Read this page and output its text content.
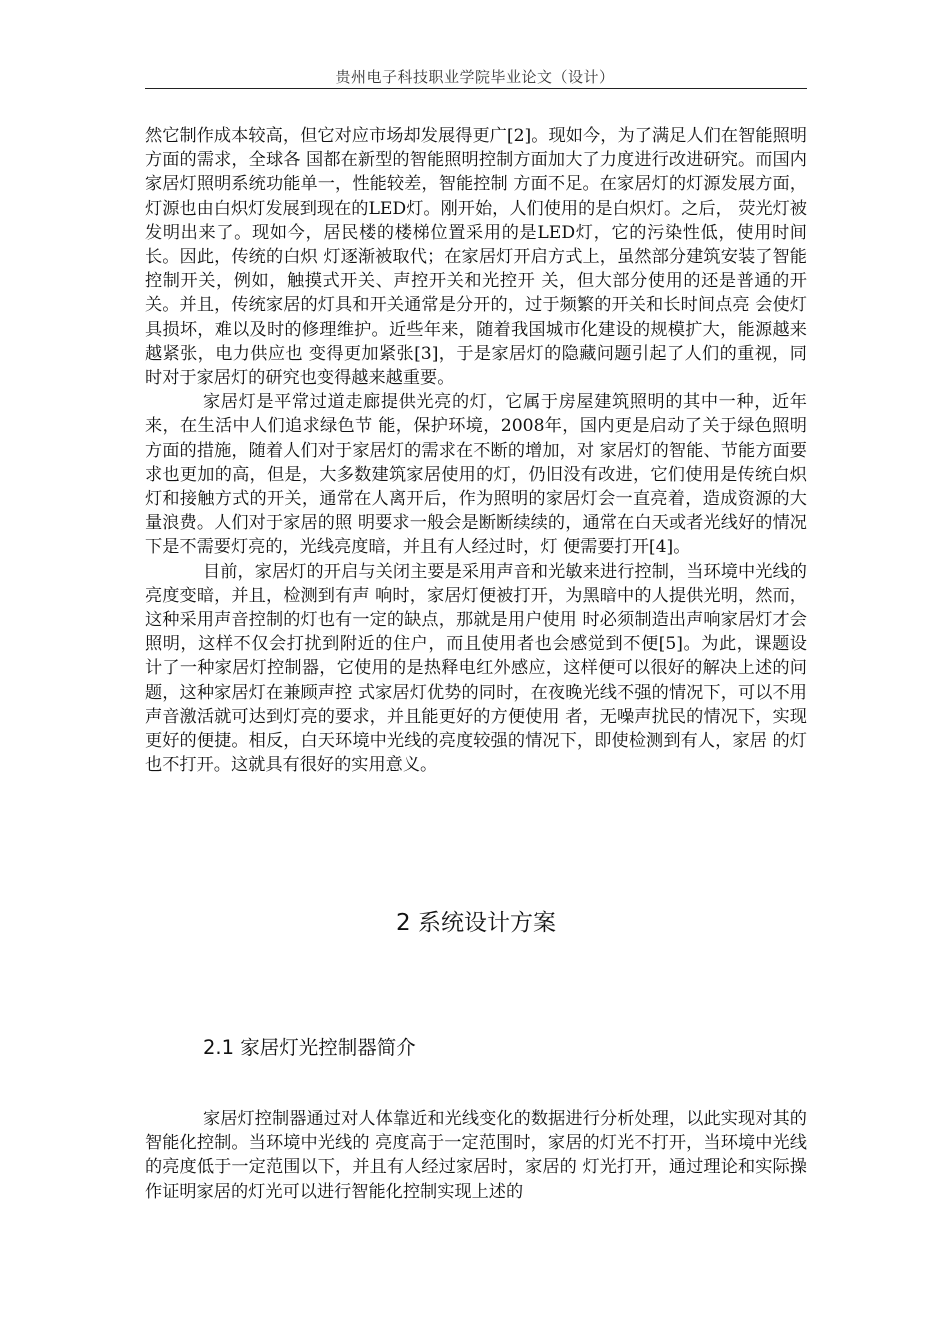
贵州电子科技职业学院毕业论文（设计）

然它制作成本较高，但它对应市场却发展得更广[2]。现如今，为了满足人们在智能照明方面的需求，全球各 国都在新型的智能照明控制方面加大了力度进行改进研究。而国内家居灯照明系统功能单一，性能较差，智能控制 方面不足。在家居灯的灯源发展方面，灯源也由白炽灯发展到现在的LED灯。刚开始，人们使用的是白炽灯。之后， 荧光灯被发明出来了。现如今，居民楼的楼梯位置采用的是LED灯，它的污染性低，使用时间长。因此，传统的白炽 灯逐渐被取代；在家居灯开启方式上，虽然部分建筑安装了智能控制开关，例如，触摸式开关、声控开关和光控开 关，但大部分使用的还是普通的开关。并且，传统家居的灯具和开关通常是分开的，过于频繁的开关和长时间点亮 会使灯具损坏，难以及时的修理维护。近些年来，随着我国城市化建设的规模扩大，能源越来越紧张，电力供应也 变得更加紧张[3]，于是家居灯的隐藏问题引起了人们的重视，同时对于家居灯的研究也变得越来越重要。

家居灯是平常过道走廊提供光亮的灯，它属于房屋建筑照明的其中一种，近年来，在生活中人们追求绿色节 能，保护环境，2008年，国内更是启动了关于绿色照明方面的措施，随着人们对于家居灯的需求在不断的增加，对 家居灯的智能、节能方面要求也更加的高，但是，大多数建筑家居使用的灯，仍旧没有改进，它们使用是传统白炽 灯和接触方式的开关，通常在人离开后，作为照明的家居灯会一直亮着，造成资源的大量浪费。人们对于家居的照 明要求一般会是断断续续的，通常在白天或者光线好的情况下是不需要灯亮的，光线亮度暗，并且有人经过时，灯 便需要打开[4]。

目前，家居灯的开启与关闭主要是采用声音和光敏来进行控制，当环境中光线的亮度变暗，并且，检测到有声 响时，家居灯便被打开，为黑暗中的人提供光明，然而，这种采用声音控制的灯也有一定的缺点，那就是用户使用 时必须制造出声响家居灯才会照明，这样不仅会打扰到附近的住户，而且使用者也会感觉到不便[5]。为此，课题设 计了一种家居灯控制器，它使用的是热释电红外感应，这样便可以很好的解决上述的问题，这种家居灯在兼顾声控 式家居灯优势的同时，在夜晚光线不强的情况下，可以不用声音激活就可达到灯亮的要求，并且能更好的方便使用 者，无噪声扰民的情况下，实现更好的便捷。相反，白天环境中光线的亮度较强的情况下，即使检测到有人，家居 的灯也不打开。这就具有很好的实用意义。

2 系统设计方案
2.1 家居灯光控制器简介

家居灯控制器通过对人体靠近和光线变化的数据进行分析处理，以此实现对其的智能化控制。当环境中光线的 亮度高于一定范围时，家居的灯光不打开，当环境中光线的亮度低于一定范围以下，并且有人经过家居时，家居的 灯光打开，通过理论和实际操作证明家居的灯光可以进行智能化控制实现上述的
